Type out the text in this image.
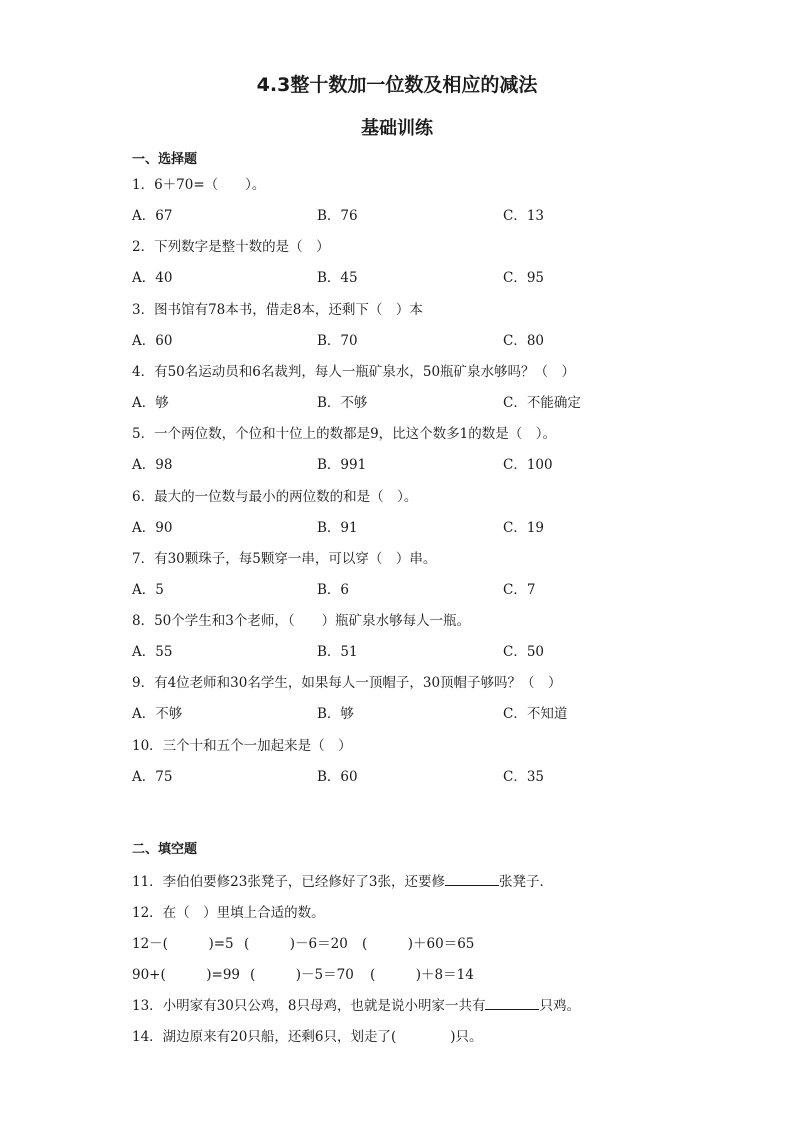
4.3整十数加一位数及相应的减法
基础训练
一、选择题
1．6＋70=（　　）。
A．67	B．76	C．13
2．下列数字是整十数的是（　）
A．40	B．45	C．95
3．图书馆有78本书，借走8本，还剩下（　）本
A．60	B．70	C．80
4．有50名运动员和6名裁判，每人一瓶矿泉水，50瓶矿泉水够吗？（　）
A．够	B．不够	C．不能确定
5．一个两位数，个位和十位上的数都是9，比这个数多1的数是（　）。
A．98	B．991	C．100
6．最大的一位数与最小的两位数的和是（　）。
A．90	B．91	C．19
7．有30颗珠子，每5颗穿一串，可以穿（　）串。
A．5	B．6	C．7
8．50个学生和3个老师，（　　）瓶矿泉水够每人一瓶。
A．55	B．51	C．50
9．有4位老师和30名学生，如果每人一顶帽子，30顶帽子够吗？（　）
A．不够	B．够	C．不知道
10．三个十和五个一加起来是（　）
A．75	B．60	C．35
二、填空题
11．李伯伯要修23张凳子，已经修好了3张，还要修	张凳子．
12．在（　）里填上合适的数。
12－(　　　)=5 (　　　)－6＝20 (　　　)＋60＝65
90+(　　　)=99 (　　　)－5＝70 (　　　)＋8＝14
13．小明家有30只公鸡，8只母鸡，也就是说小明家一共有	只鸡。
14．湖边原来有20只船，还剩6只，划走了(　　　　)只。
